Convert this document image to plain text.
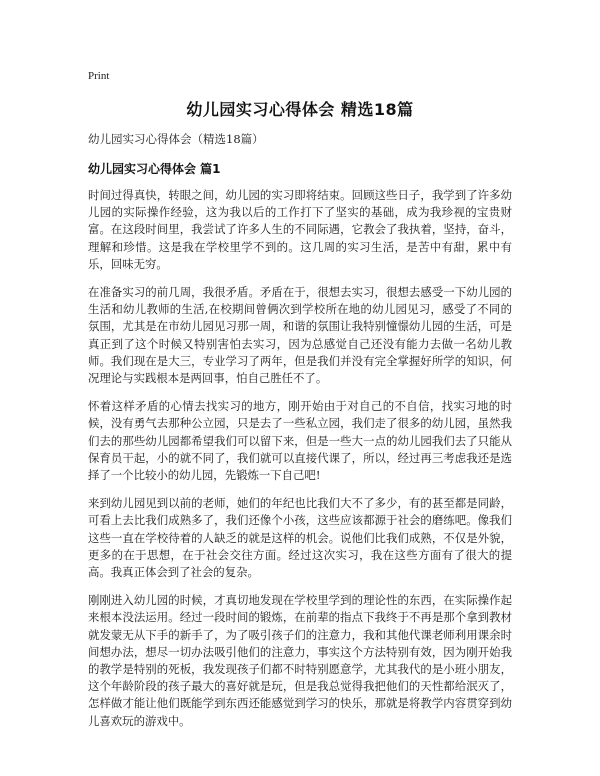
Print
幼儿园实习心得体会 精选18篇
幼儿园实习心得体会（精选18篇）
幼儿园实习心得体会 篇1

时间过得真快，转眼之间，幼儿园的实习即将结束。回顾这些日子，我学到了许多幼儿园的实际操作经验，这为我以后的工作打下了坚实的基础，成为我珍视的宝贵财富。在这段时间里，我尝试了许多人生的不同际遇，它教会了我执着，坚持，奋斗，理解和珍惜。这是我在学校里学不到的。这几周的实习生活，是苦中有甜，累中有乐，回味无穷。

在准备实习的前几周，我很矛盾。矛盾在于，很想去实习，很想去感受一下幼儿园的生活和幼儿教师的生活,在校期间曾俩次到学校所在地的幼儿园见习，感受了不同的氛围，尤其是在市幼儿园见习那一周，和谐的氛围让我特别憧憬幼儿园的生活，可是真正到了这个时候又特别害怕去实习，因为总感觉自己还没有能力去做一名幼儿教师。我们现在是大三，专业学习了两年，但是我们并没有完全掌握好所学的知识，何况理论与实践根本是两回事，怕自己胜任不了。

怀着这样矛盾的心情去找实习的地方，刚开始由于对自己的不自信，找实习地的时候，没有勇气去那种公立园，只是去了一些私立园，我们走了很多的幼儿园，虽然我们去的那些幼儿园都希望我们可以留下来，但是一些大一点的幼儿园我们去了只能从保育员干起，小的就不同了，我们就可以直接代课了，所以，经过再三考虑我还是选择了一个比较小的幼儿园，先锻炼一下自己吧!

来到幼儿园见到以前的老师，她们的年纪也比我们大不了多少，有的甚至都是同龄，可看上去比我们成熟多了，我们还像个小孩，这些应该都源于社会的磨练吧。像我们这些一直在学校待着的人缺乏的就是这样的机会。说他们比我们成熟，不仅是外貌，更多的在于思想，在于社会交往方面。经过这次实习，我在这些方面有了很大的提高。我真正体会到了社会的复杂。

刚刚进入幼儿园的时候，才真切地发现在学校里学到的理论性的东西，在实际操作起来根本没法运用。经过一段时间的锻炼，在前辈的指点下我终于不再是那个拿到教材就发蒙无从下手的新手了，为了吸引孩子们的注意力，我和其他代课老师利用课余时间想办法，想尽一切办法吸引他们的注意力，事实这个方法特别有效，因为刚开始我的教学是特别的死板，我发现孩子们都不时特别愿意学，尤其我代的是小班小朋友，这个年龄阶段的孩子最大的喜好就是玩，但是我总觉得我把他们的天性都给泯灭了，怎样做才能让他们既能学到东西还能感觉到学习的快乐，那就是将教学内容贯穿到幼儿喜欢玩的游戏中。
